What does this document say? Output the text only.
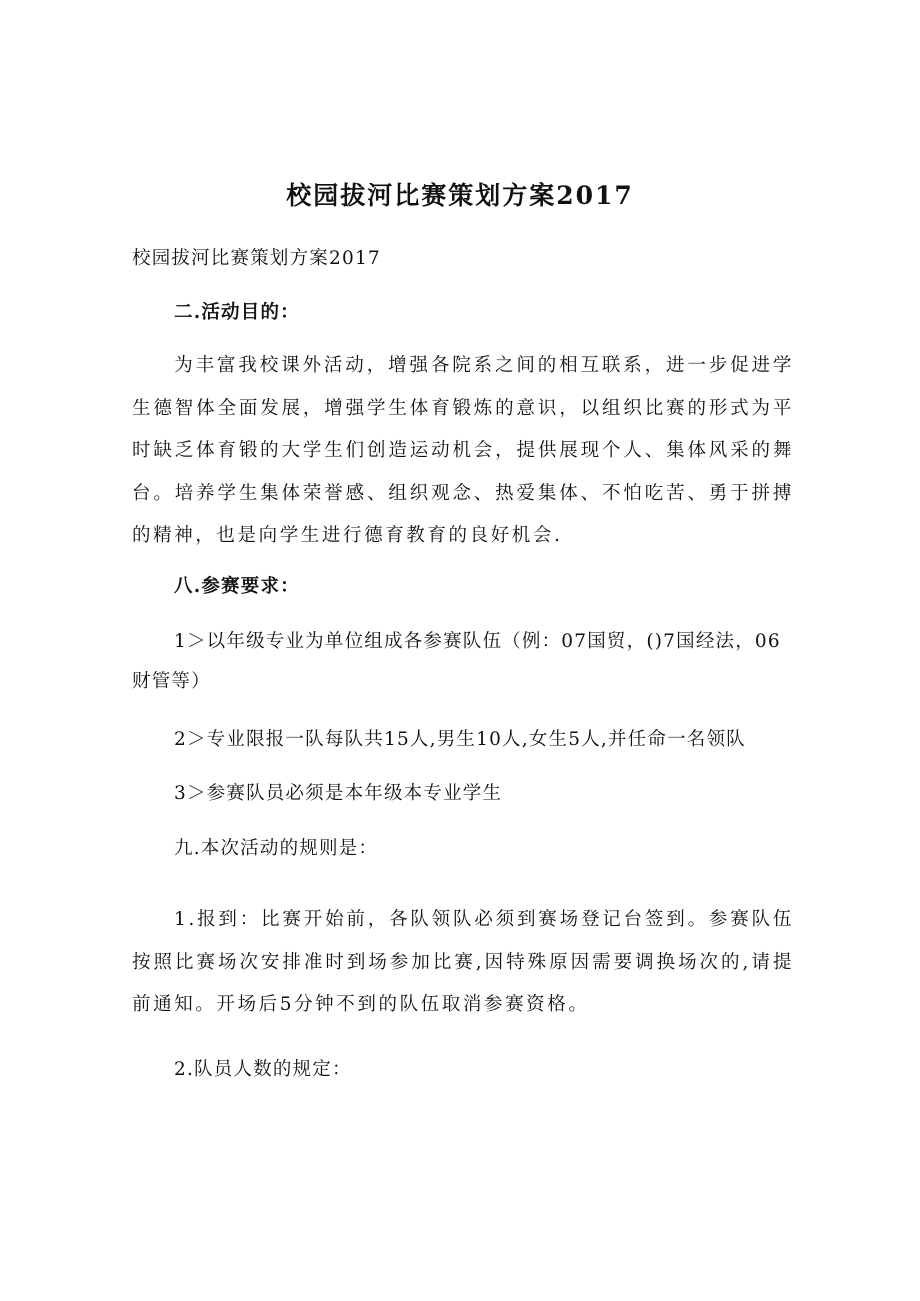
校园拔河比赛策划方案2017
校园拔河比赛策划方案2017
二.活动目的：
为丰富我校课外活动，增强各院系之间的相互联系，进一步促进学生德智体全面发展，增强学生体育锻炼的意识，以组织比赛的形式为平时缺乏体育锻的大学生们创造运动机会，提供展现个人、集体风采的舞台。培养学生集体荣誉感、组织观念、热爱集体、不怕吃苦、勇于拼搏的精神，也是向学生进行德育教育的良好机会.
八.参赛要求：
1＞以年级专业为单位组成各参赛队伍（例：07国贸，()7国经法，06
财管等）
2＞专业限报一队每队共15人,男生10人,女生5人,并任命一名领队
3＞参赛队员必须是本年级本专业学生
九.本次活动的规则是：
1.报到：比赛开始前，各队领队必须到赛场登记台签到。参赛队伍按照比赛场次安排准时到场参加比赛,因特殊原因需要调换场次的,请提前通知。开场后5分钟不到的队伍取消参赛资格。
2.队员人数的规定：
